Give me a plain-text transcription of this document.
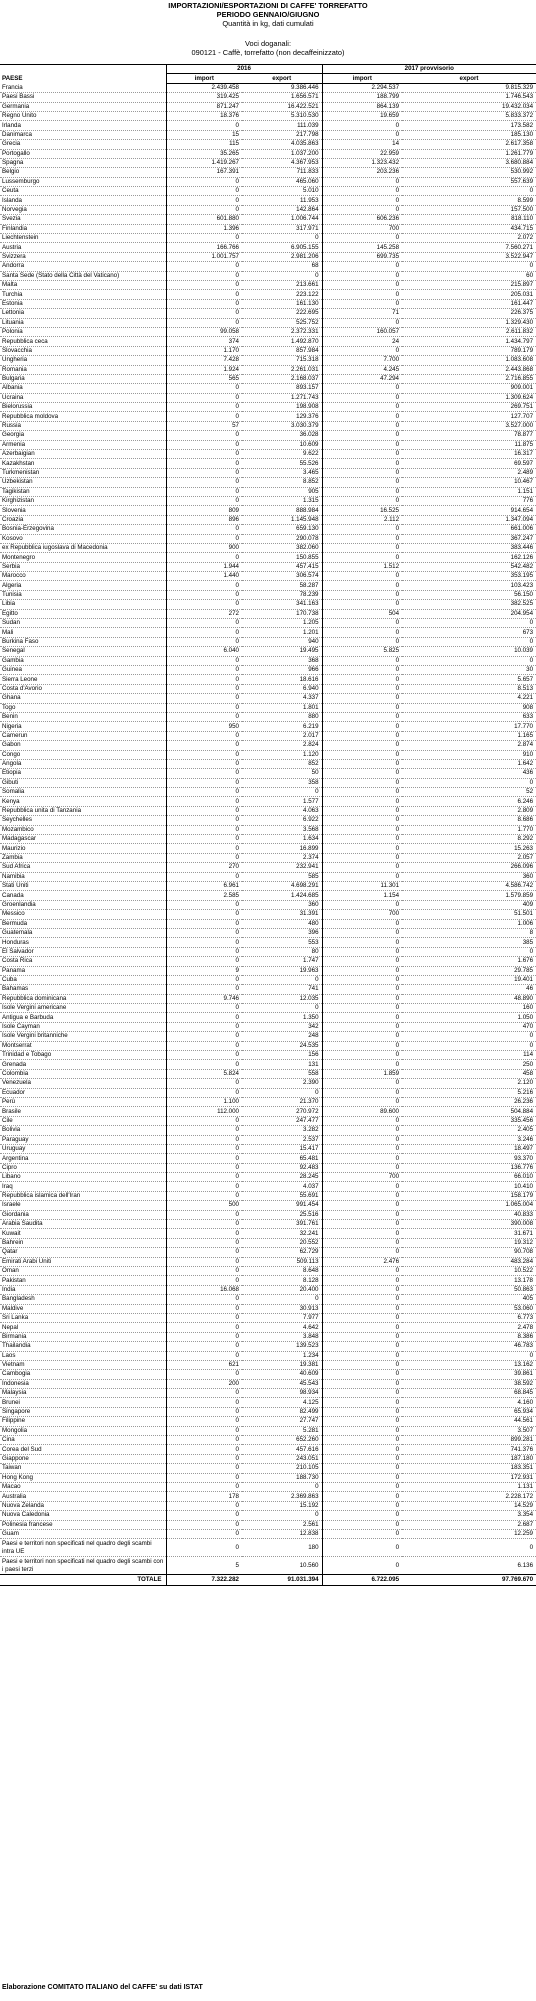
IMPORTAZIONI/ESPORTAZIONI DI CAFFE' TORREFATTO
PERIODO GENNAIO/GIUGNO
Quantità in kg, dati cumulati
Voci doganali:
090121 - Caffè, torrefatto (non decaffeinizzato)
PAESE	2016		2017 provvisorio	
	import	export	import	export
Francia	2.439.458	9.386.446	2.294.537	9.815.329
Paesi Bassi	319.425	1.656.571	188.799	1.746.543
Germania	871.247	16.422.521	864.139	19.432.034
Regno Unito	18.376	5.310.530	19.659	5.833.372
Irlanda	0	111.039	0	173.582
Danimarca	15	217.798	0	185.130
Grecia	115	4.035.863	14	2.617.358
Portogallo	35.265	1.037.200	22.959	1.261.779
Spagna	1.419.267	4.367.953	1.323.432	3.680.884
Belgio	167.391	711.833	203.236	530.992
Lussemburgo	0	465.060	0	557.639
Ceuta	0	5.010	0	0
Islanda	0	11.953	0	8.599
Norvegia	0	142.864	0	157.500
Svezia	601.880	1.006.744	606.236	818.110
Finlandia	1.396	317.971	700	434.715
Liechtenstein	0	0	0	2.072
Austria	166.766	6.905.155	145.258	7.560.271
Svizzera	1.001.757	2.981.206	699.735	3.522.947
Andorra	0	68	0	0
Santa Sede (Stato della Città del Vaticano)	0	0	0	60
Malta	0	213.661	0	215.897
Turchia	0	223.122	0	205.031
Estonia	0	161.130	0	161.447
Lettonia	0	222.695	71	226.375
Lituania	0	525.752	0	1.329.430
Polonia	99.058	2.372.331	160.057	2.611.832
Repubblica ceca	374	1.492.870	24	1.434.797
Slovacchia	1.170	857.984	0	789.179
Ungheria	7.428	715.318	7.700	1.083.608
Romania	1.924	2.261.031	4.245	2.443.868
Bulgaria	565	2.168.037	47.294	2.716.855
Albania	0	893.157	0	909.001
Ucraina	0	1.271.743	0	1.309.624
Bielorussia	0	198.908	0	269.751
Repubblica moldova	0	129.376	0	127.707
Russia	57	3.030.379	0	3.527.000
Georgia	0	36.028	0	78.877
Armenia	0	10.609	0	11.875
Azerbaigian	0	9.622	0	16.317
Kazakhstan	0	55.526	0	69.597
Turkmenistan	0	3.465	0	2.489
Uzbekistan	0	8.852	0	10.467
Tagikistan	0	905	0	1.151
Kirghizistan	0	1.315	0	776
Slovenia	809	888.984	16.525	914.654
Croazia	896	1.145.948	2.112	1.347.094
Bosnia-Erzegovina	0	659.130	0	661.006
Kosovo	0	290.078	0	367.247
ex Repubblica iugoslava di Macedonia	900	382.060	0	383.446
Montenegro	0	150.855	0	162.126
Serbia	1.944	457.415	1.512	542.482
Marocco	1.440	306.574	0	353.195
Algeria	0	58.287	0	103.423
Tunisia	0	78.239	0	56.150
Libia	0	341.163	0	382.525
Egitto	272	170.738	504	204.954
Sudan	0	1.205	0	0
Mali	0	1.201	0	673
Burkina Faso	0	940	0	0
Senegal	6.040	19.495	5.825	10.039
Gambia	0	368	0	0
Guinea	0	966	0	30
Sierra Leone	0	18.616	0	5.657
Costa d'Avorio	0	6.940	0	8.513
Ghana	0	4.337	0	4.221
Togo	0	1.801	0	908
Benin	0	880	0	633
Nigeria	950	6.219	0	17.770
Camerun	0	2.017	0	1.165
Gabon	0	2.824	0	2.874
Congo	0	1.120	0	910
Angola	0	852	0	1.642
Etiopia	0	50	0	436
Gibuti	0	358	0	0
Somalia	0	0	0	52
Kenya	0	1.577	0	6.246
Repubblica unita di Tanzania	0	4.063	0	2.809
Seychelles	0	6.922	0	8.686
Mozambico	0	3.568	0	1.770
Madagascar	0	1.634	0	8.292
Maurizio	0	16.899	0	15.263
Zambia	0	2.374	0	2.057
Sud Africa	270	232.941	0	266.096
Namibia	0	585	0	360
Stati Uniti	6.961	4.698.291	11.301	4.586.742
Canada	2.585	1.424.685	1.154	1.579.859
Groenlandia	0	360	0	409
Messico	0	31.391	700	51.501
Bermuda	0	480	0	1.006
Guatemala	0	396	0	8
Honduras	0	553	0	385
El Salvador	0	80	0	0
Costa Rica	0	1.747	0	1.676
Panama	9	19.963	0	29.785
Cuba	0	0	0	19.401
Bahamas	0	741	0	46
Repubblica dominicana	9.746	12.035	0	48.890
Isole Vergini americane	0	0	0	160
Antigua e Barbuda	0	1.350	0	1.050
Isole Cayman	0	342	0	470
Isole Vergini britanniche	0	248	0	0
Montserrat	0	24.535	0	0
Trinidad e Tobago	0	156	0	114
Grenada	0	131	0	250
Colombia	5.824	558	1.859	458
Venezuela	0	2.390	0	2.120
Ecuador	0	0	0	5.216
Perù	1.100	21.370	0	26.236
Brasile	112.000	270.972	89.600	504.884
Cile	0	247.477	0	335.456
Bolivia	0	3.282	0	2.405
Paraguay	0	2.537	0	3.246
Uruguay	0	15.417	0	18.497
Argentina	0	65.481	0	93.370
Cipro	0	92.483	0	136.776
Libano	0	28.245	700	66.010
Iraq	0	4.037	0	10.410
Repubblica islamica dell'Iran	0	55.691	0	158.179
Israele	500	991.454	0	1.065.004
Giordania	0	25.516	0	40.833
Arabia Saudita	0	391.761	0	390.008
Kuwait	0	32.241	0	31.671
Bahrein	0	20.552	0	19.312
Qatar	0	62.729	0	90.708
Emirati Arabi Uniti	0	509.113	2.476	483.284
Oman	0	8.648	0	10.522
Pakistan	0	8.128	0	13.178
India	16.068	20.400	0	50.863
Bangladesh	0	0	0	405
Maldive	0	30.913	0	53.060
Sri Lanka	0	7.977	0	6.773
Nepal	0	4.642	0	2.478
Birmania	0	3.848	0	8.386
Thailandia	0	139.523	0	46.783
Laos	0	1.234	0	0
Vietnam	621	19.381	0	13.162
Cambogia	0	40.609	0	39.861
Indonesia	200	45.543	0	38.592
Malaysia	0	98.934	0	68.845
Brunei	0	4.125	0	4.160
Singapore	0	82.499	0	65.934
Filippine	0	27.747	0	44.561
Mongolia	0	5.281	0	3.507
Cina	0	652.260	0	899.281
Corea del Sud	0	457.616	0	741.376
Giappone	0	243.051	0	187.180
Taiwan	0	210.105	0	183.351
Hong Kong	0	188.730	0	172.931
Macao	0	0	0	1.131
Australia	178	2.369.863	0	2.228.172
Nuova Zelanda	0	15.192	0	14.529
Nuova Caledonia	0	0	0	3.354
Polinesia francese	0	2.561	0	2.687
Guam	0	12.838	0	12.259
Paesi e territori non specificati nel quadro degli scambi intra UE	0	180	0	0
Paesi e territori non specificati nel quadro degli scambi con i paesi terzi	5	10.560	0	6.136
TOTALE	7.322.282	91.031.394	6.722.095	97.769.670
Elaborazione COMITATO ITALIANO del CAFFE' su dati ISTAT
